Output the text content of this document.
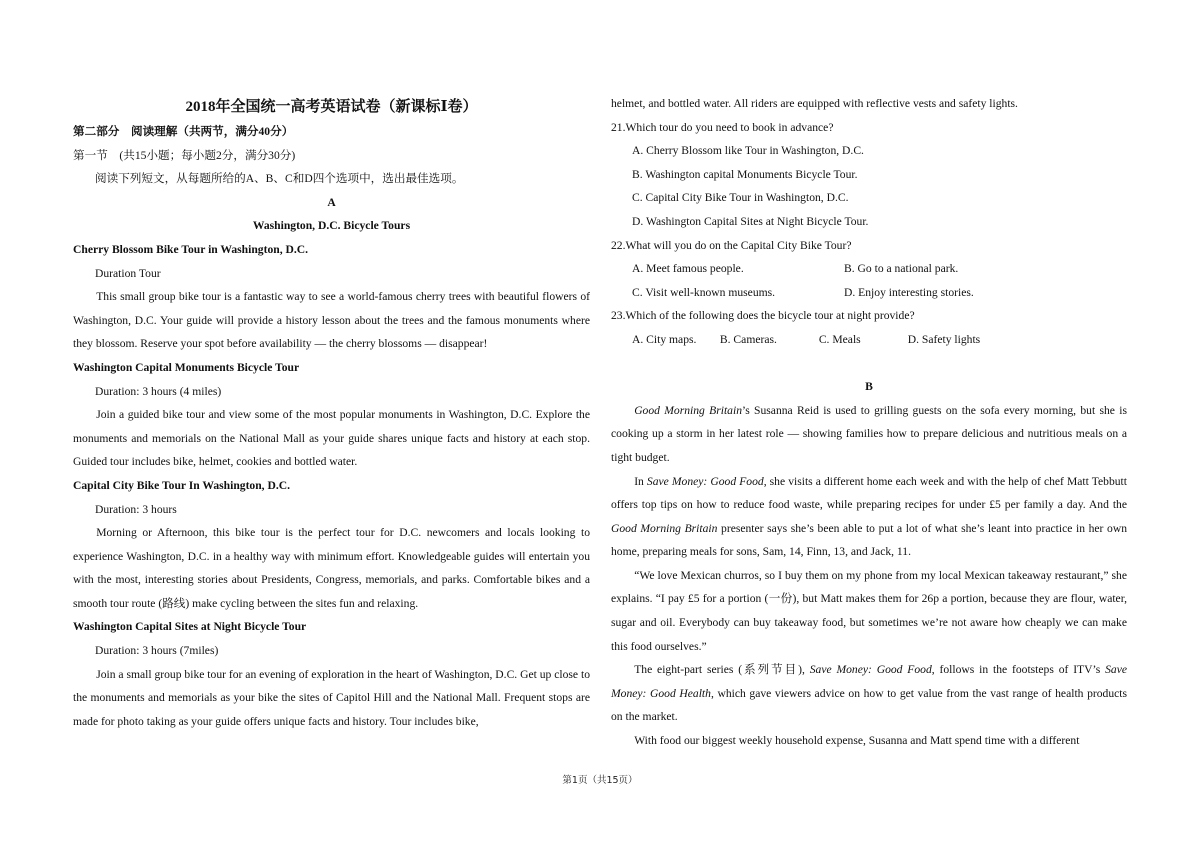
2018年全国统一高考英语试卷（新课标Ⅰ卷）
第二部分　阅读理解（共两节，满分40分）
第一节　(共15小题；每小题2分，满分30分)
阅读下列短文，从每题所给的A、B、C和D四个选项中，选出最佳选项。
A
Washington, D.C. Bicycle Tours
Cherry Blossom Bike Tour in Washington, D.C.
Duration Tour
This small group bike tour is a fantastic way to see a world-famous cherry trees with beautiful flowers of Washington, D.C. Your guide will provide a history lesson about the trees and the famous monuments where they blossom. Reserve your spot before availability — the cherry blossoms — disappear!
Washington Capital Monuments Bicycle Tour
Duration: 3 hours (4 miles)
Join a guided bike tour and view some of the most popular monuments in Washington, D.C. Explore the monuments and memorials on the National Mall as your guide shares unique facts and history at each stop. Guided tour includes bike, helmet, cookies and bottled water.
Capital City Bike Tour In Washington, D.C.
Duration: 3 hours
Morning or Afternoon, this bike tour is the perfect tour for D.C. newcomers and locals looking to experience Washington, D.C. in a healthy way with minimum effort. Knowledgeable guides will entertain you with the most, interesting stories about Presidents, Congress, memorials, and parks. Comfortable bikes and a smooth tour route (路线) make cycling between the sites fun and relaxing.
Washington Capital Sites at Night Bicycle Tour
Duration: 3 hours (7miles)
Join a small group bike tour for an evening of exploration in the heart of Washington, D.C. Get up close to the monuments and memorials as your bike the sites of Capitol Hill and the National Mall. Frequent stops are made for photo taking as your guide offers unique facts and history. Tour includes bike,
helmet, and bottled water. All riders are equipped with reflective vests and safety lights.
21.Which tour do you need to book in advance?
A. Cherry Blossom like Tour in Washington, D.C.
B. Washington capital Monuments Bicycle Tour.
C. Capital City Bike Tour in Washington, D.C.
D. Washington Capital Sites at Night Bicycle Tour.
22.What will you do on the Capital City Bike Tour?
A. Meet famous people.	B. Go to a national park.
C. Visit well-known museums.	D. Enjoy interesting stories.
23.Which of the following does the bicycle tour at night provide?
A. City maps. B. Cameras.	C. Meals	D. Safety lights
B
Good Morning Britain’s Susanna Reid is used to grilling guests on the sofa every morning, but she is cooking up a storm in her latest role — showing families how to prepare delicious and nutritious meals on a tight budget.
In Save Money: Good Food, she visits a different home each week and with the help of chef Matt Tebbutt offers top tips on how to reduce food waste, while preparing recipes for under £5 per family a day. And the Good Morning Britain presenter says she’s been able to put a lot of what she’s leant into practice in her own home, preparing meals for sons, Sam, 14, Finn, 13, and Jack, 11.
“We love Mexican churros, so I buy them on my phone from my local Mexican takeaway restaurant,” she explains. “I pay £5 for a portion (一份), but Matt makes them for 26p a portion, because they are flour, water, sugar and oil. Everybody can buy takeaway food, but sometimes we’re not aware how cheaply we can make this food ourselves.”
The eight-part series (系列节目), Save Money: Good Food, follows in the footsteps of ITV’s Save Money: Good Health, which gave viewers advice on how to get value from the vast range of health products on the market.
With food our biggest weekly household expense, Susanna and Matt spend time with a different
第1页（共15页）
